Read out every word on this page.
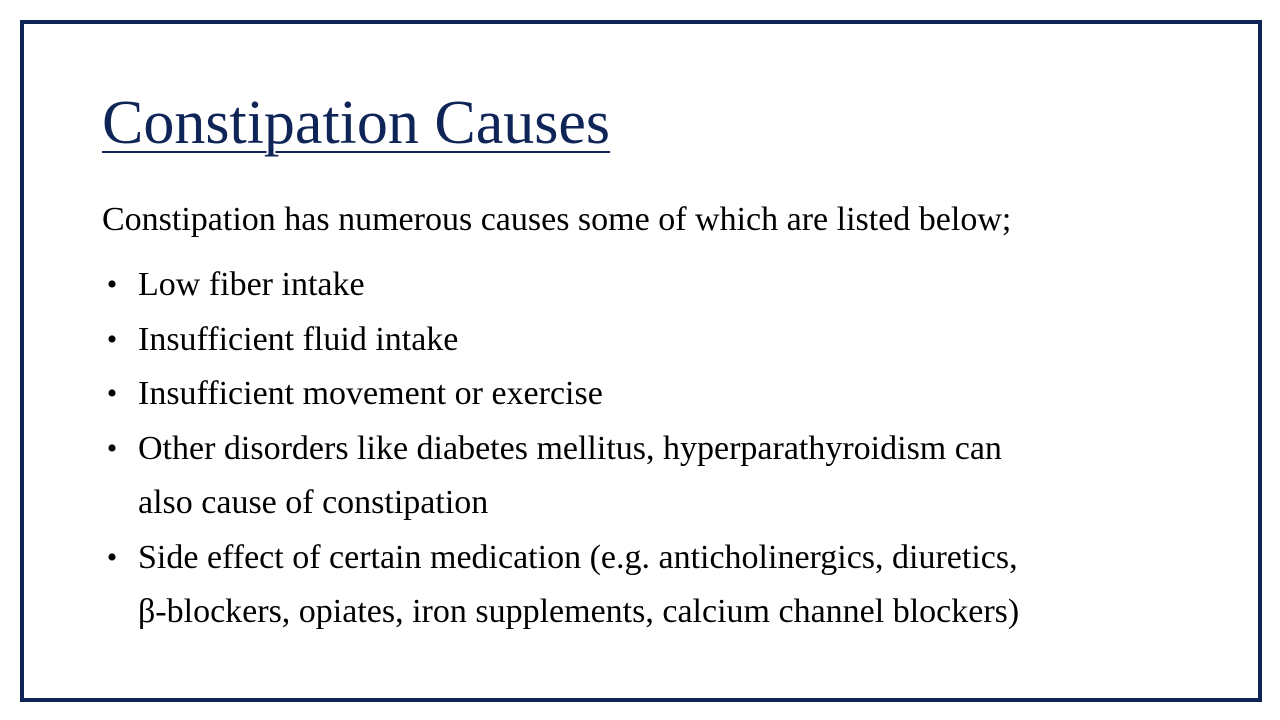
Constipation Causes

Constipation has numerous causes some of which are listed below;

• Low fiber intake
• Insufficient fluid intake
• Insufficient movement or exercise
• Other disorders like diabetes mellitus, hyperparathyroidism can
also cause of constipation
• Side effect of certain medication (e.g. anticholinergics, diuretics,
β-blockers, opiates, iron supplements, calcium channel blockers)
